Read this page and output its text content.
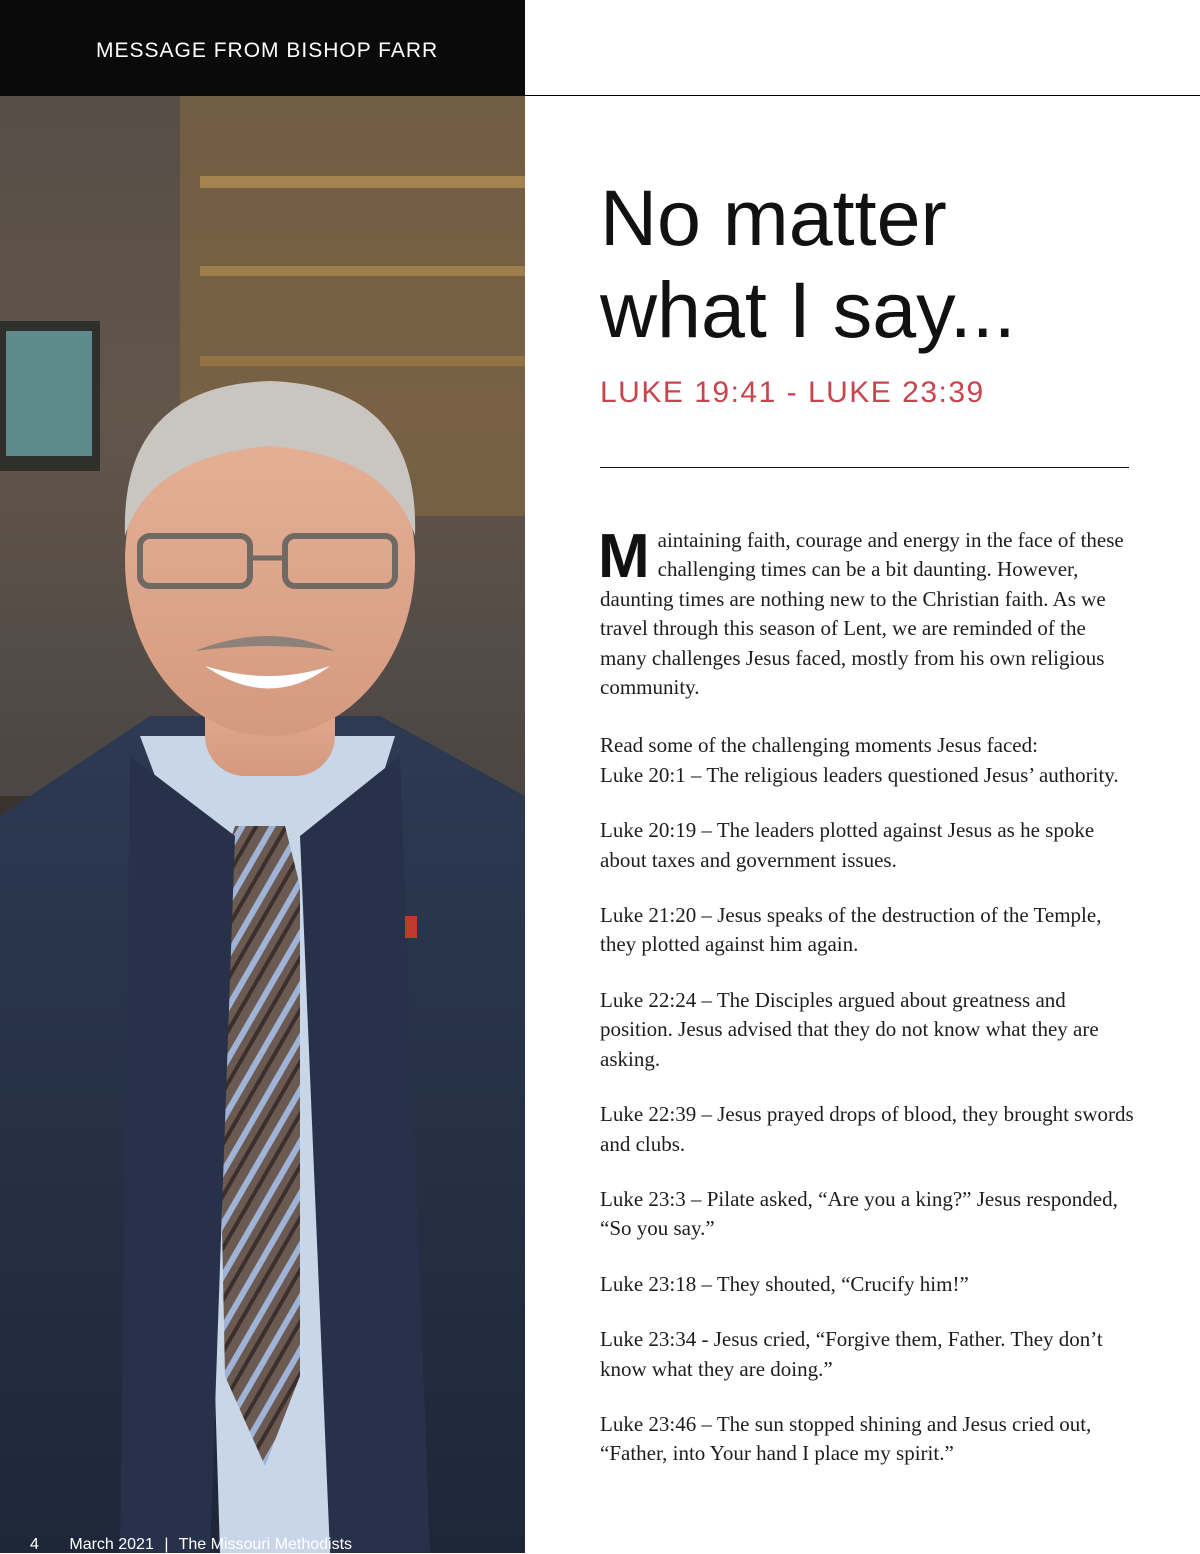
MESSAGE FROM BISHOP FARR
4 March 2021 | The Missouri Methodists
No matter
what I say...
LUKE 19:41 - LUKE 23:39

Maintaining faith, courage and energy in the face of these challenging times can be a bit daunting. However, daunting times are nothing new to the Christian faith. As we travel through this season of Lent, we are reminded of the many challenges Jesus faced, mostly from his own religious community.

Read some of the challenging moments Jesus faced:

Luke 20:1 – The religious leaders questioned Jesus’ authority.

Luke 20:19 – The leaders plotted against Jesus as he spoke about taxes and government issues.

Luke 21:20 – Jesus speaks of the destruction of the Temple, they plotted against him again.

Luke 22:24 – The Disciples argued about greatness and position. Jesus advised that they do not know what they are asking.

Luke 22:39 – Jesus prayed drops of blood, they brought swords and clubs.

Luke 23:3 – Pilate asked, “Are you a king?” Jesus responded, “So you say.”

Luke 23:18 – They shouted, “Crucify him!”

Luke 23:34 - Jesus cried, “Forgive them, Father. They don’t know what they are doing.”

Luke 23:46 – The sun stopped shining and Jesus cried out, “Father, into Your hand I place my spirit.”
